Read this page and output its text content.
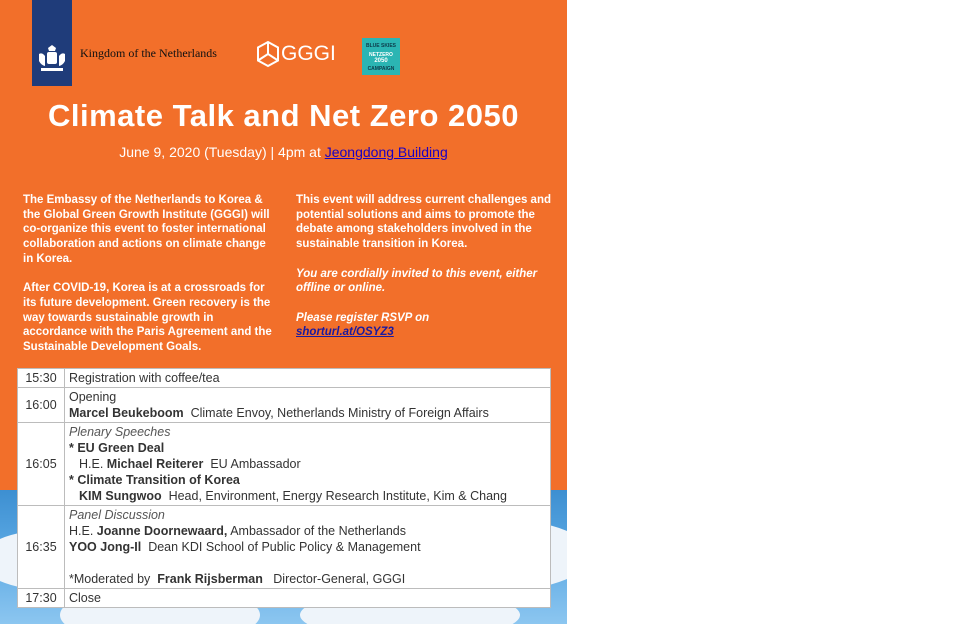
Kingdom of the Netherlands	GGGI	BLUE SKIES
NETZERO
2050
CAMPAIGN
Climate Talk and Net Zero 2050
June 9, 2020 (Tuesday) | 4pm at Jeongdong Building

The Embassy of the Netherlands to Korea & the Global Green Growth Institute (GGGI) will co-organize this event to foster international collaboration and actions on climate change in Korea.

After COVID-19, Korea is at a crossroads for its future development. Green recovery is the way towards sustainable growth in accordance with the Paris Agreement and the Sustainable Development Goals.

This event will address current challenges and potential solutions and aims to promote the debate among stakeholders involved in the sustainable transition in Korea.

You are cordially invited to this event, either offline or online.

Please register RSVP on
shorturl.at/OSYZ3

15:30	Registration with coffee/tea

16:00	Opening
Marcel Beukeboom Climate Envoy, Netherlands Ministry of Foreign Affairs

16:05	Plenary Speeches
* EU Green Deal
H.E. Michael Reiterer EU Ambassador
* Climate Transition of Korea
KIM Sungwoo Head, Environment, Energy Research Institute, Kim & Chang

16:35	Panel Discussion
H.E. Joanne Doornewaard, Ambassador of the Netherlands
YOO Jong-Il Dean KDI School of Public Policy & Management

*Moderated by Frank Rijsberman Director-General, GGGI

17:30	Close
